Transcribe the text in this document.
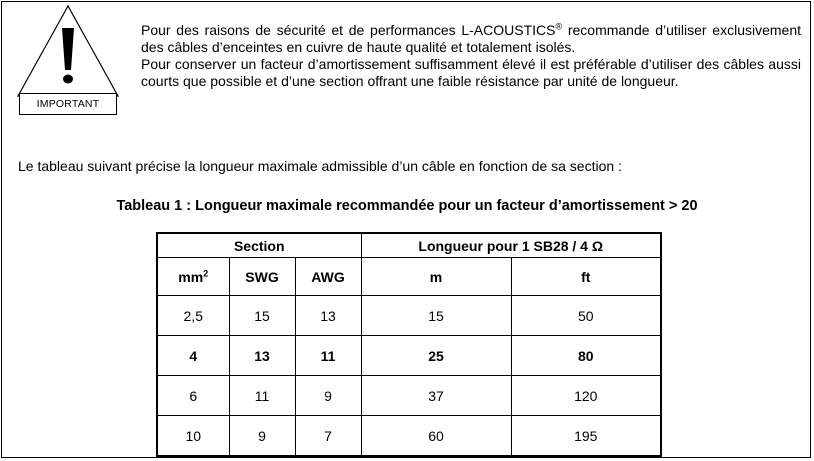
IMPORTANT

Pour des raisons de sécurité et de performances L-ACOUSTICS® recommande d’utiliser exclusivement des câbles d’enceintes en cuivre de haute qualité et totalement isolés.

Pour conserver un facteur d’amortissement suffisamment élevé il est préférable d’utiliser des câbles aussi courts que possible et d’une section offrant une faible résistance par unité de longueur.

Le tableau suivant précise la longueur maximale admissible d’un câble en fonction de sa section :
Tableau 1 : Longueur maximale recommandée pour un facteur d’amortissement > 20
Section			Longueur pour 1 SB28 / 4 Ω	
$mm^2$	SWG	AWG	m	ft
2,5	15	13	15	50
4	13	11	25	80
6	11	9	37	120
10	9	7	60	195
